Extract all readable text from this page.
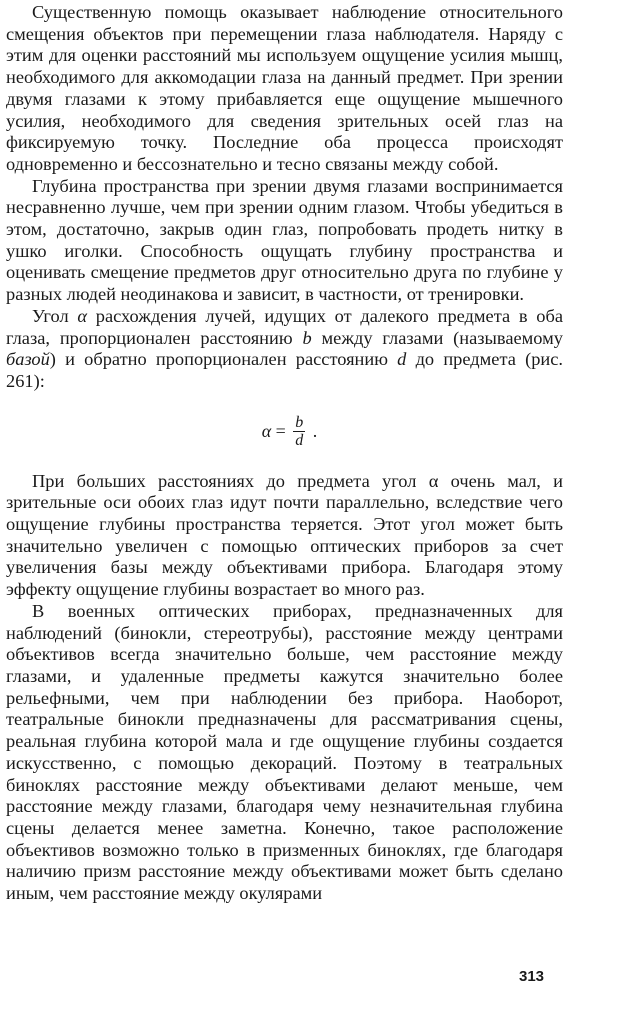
Существенную помощь оказывает наблюдение относительного смещения объектов при перемещении глаза наблюдателя. Наряду с этим для оценки расстояний мы используем ощущение усилия мышц, необходимого для аккомодации глаза на данный предмет. При зрении двумя глазами к этому прибавляется еще ощущение мышечного усилия, необходимого для сведения зрительных осей глаз на фиксируемую точку. Последние оба процесса происходят одновременно и бессознательно и тесно связаны между собой.

Глубина пространства при зрении двумя глазами воспринимается несравненно лучше, чем при зрении одним глазом. Чтобы убедиться в этом, достаточно, закрыв один глаз, попробовать продеть нитку в ушко иголки. Способность ощущать глубину пространства и оценивать смещение предметов друг относительно друга по глубине у разных людей неодинакова и зависит, в частности, от тренировки.

Угол α расхождения лучей, идущих от далекого предмета в оба глаза, пропорционален расстоянию b между глазами (называемому базой) и обратно пропорционален расстоянию d до предмета (рис. 261):

$\alpha = \frac{b}{d}$ .

При больших расстояниях до предмета угол α очень мал, и зрительные оси обоих глаз идут почти параллельно, вследствие чего ощущение глубины пространства теряется. Этот угол может быть значительно увеличен с помощью оптических приборов за счет увеличения базы между объективами прибора. Благодаря этому эффекту ощущение глубины возрастает во много раз.

В военных оптических приборах, предназначенных для наблюдений (бинокли, стереотрубы), расстояние между центрами объективов всегда значительно больше, чем расстояние между глазами, и удаленные предметы кажутся значительно более рельефными, чем при наблюдении без прибора. Наоборот, театральные бинокли предназначены для рассматривания сцены, реальная глубина которой мала и где ощущение глубины создается искусственно, с помощью декораций. Поэтому в театральных биноклях расстояние между объективами делают меньше, чем расстояние между глазами, благодаря чему незначительная глубина сцены делается менее заметна. Конечно, такое расположение объективов возможно только в призменных биноклях, где благодаря наличию призм расстояние между объективами может быть сделано иным, чем расстояние между окулярами

313
